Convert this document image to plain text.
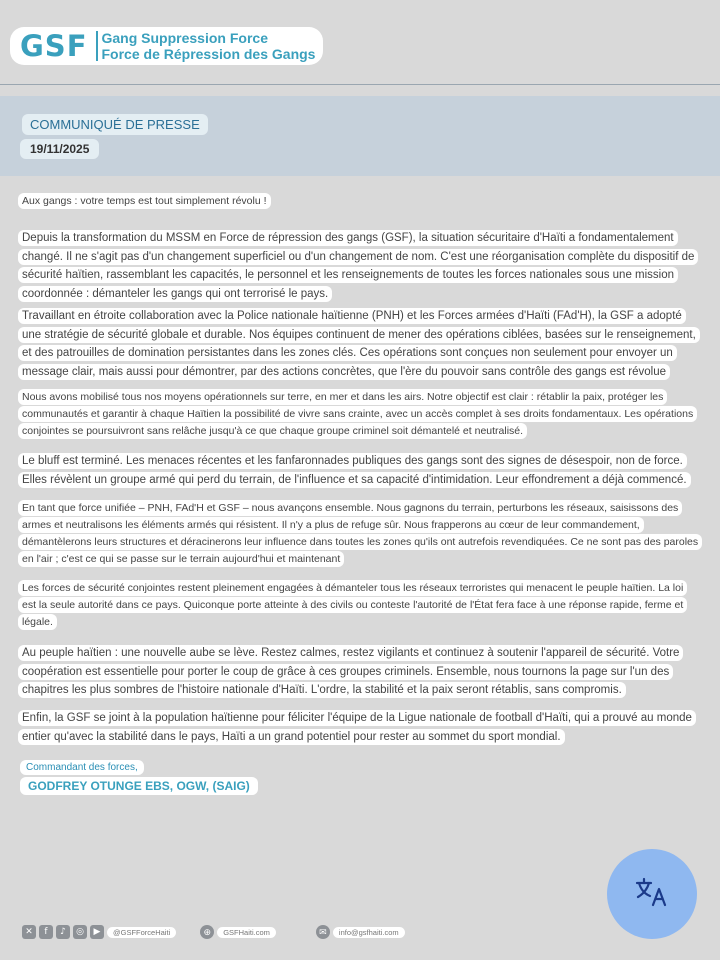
GSF Gang Suppression Force
Force de Répression des Gangs
COMMUNIQUÉ DE PRESSE
19/11/2025
Aux gangs : votre temps est tout simplement révolu !
Depuis la transformation du MSSM en Force de répression des gangs (GSF), la situation sécuritaire d'Haïti a fondamentalement changé. Il ne s'agit pas d'un changement superficiel ou d'un changement de nom. C'est une réorganisation complète du dispositif de sécurité haïtien, rassemblant les capacités, le personnel et les renseignements de toutes les forces nationales sous une mission coordonnée : démanteler les gangs qui ont terrorisé le pays.
Travaillant en étroite collaboration avec la Police nationale haïtienne (PNH) et les Forces armées d'Haïti (FAd'H), la GSF a adopté une stratégie de sécurité globale et durable. Nos équipes continuent de mener des opérations ciblées, basées sur le renseignement, et des patrouilles de domination persistantes dans les zones clés. Ces opérations sont conçues non seulement pour envoyer un message clair, mais aussi pour démontrer, par des actions concrètes, que l'ère du pouvoir sans contrôle des gangs est révolue
Nous avons mobilisé tous nos moyens opérationnels sur terre, en mer et dans les airs. Notre objectif est clair : rétablir la paix, protéger les communautés et garantir à chaque Haïtien la possibilité de vivre sans crainte, avec un accès complet à ses droits fondamentaux. Les opérations conjointes se poursuivront sans relâche jusqu'à ce que chaque groupe criminel soit démantelé et neutralisé.
Le bluff est terminé. Les menaces récentes et les fanfaronnades publiques des gangs sont des signes de désespoir, non de force. Elles révèlent un groupe armé qui perd du terrain, de l'influence et sa capacité d'intimidation. Leur effondrement a déjà commencé.
En tant que force unifiée – PNH, FAd'H et GSF – nous avançons ensemble. Nous gagnons du terrain, perturbons les réseaux, saisissons des armes et neutralisons les éléments armés qui résistent. Il n'y a plus de refuge sûr. Nous frapperons au cœur de leur commandement, démantèlerons leurs structures et déracinerons leur influence dans toutes les zones qu'ils ont autrefois revendiquées. Ce ne sont pas des paroles en l'air ; c'est ce qui se passe sur le terrain aujourd'hui et maintenant
Les forces de sécurité conjointes restent pleinement engagées à démanteler tous les réseaux terroristes qui menacent le peuple haïtien. La loi est la seule autorité dans ce pays. Quiconque porte atteinte à des civils ou conteste l'autorité de l'État fera face à une réponse rapide, ferme et légale.
Au peuple haïtien : une nouvelle aube se lève. Restez calmes, restez vigilants et continuez à soutenir l'appareil de sécurité. Votre coopération est essentielle pour porter le coup de grâce à ces groupes criminels. Ensemble, nous tournons la page sur l'un des chapitres les plus sombres de l'histoire nationale d'Haïti. L'ordre, la stabilité et la paix seront rétablis, sans compromis.
Enfin, la GSF se joint à la population haïtienne pour féliciter l'équipe de la Ligue nationale de football d'Haïti, qui a prouvé au monde entier qu'avec la stabilité dans le pays, Haïti a un grand potentiel pour rester au sommet du sport mondial.
Commandant des forces,
GODFREY OTUNGE EBS, OGW, (SAIG)
✕	f	♪	◎	▶	@GSFForceHaiti	⊕	GSFHaiti.com	✉	info@gsfhaiti.com
